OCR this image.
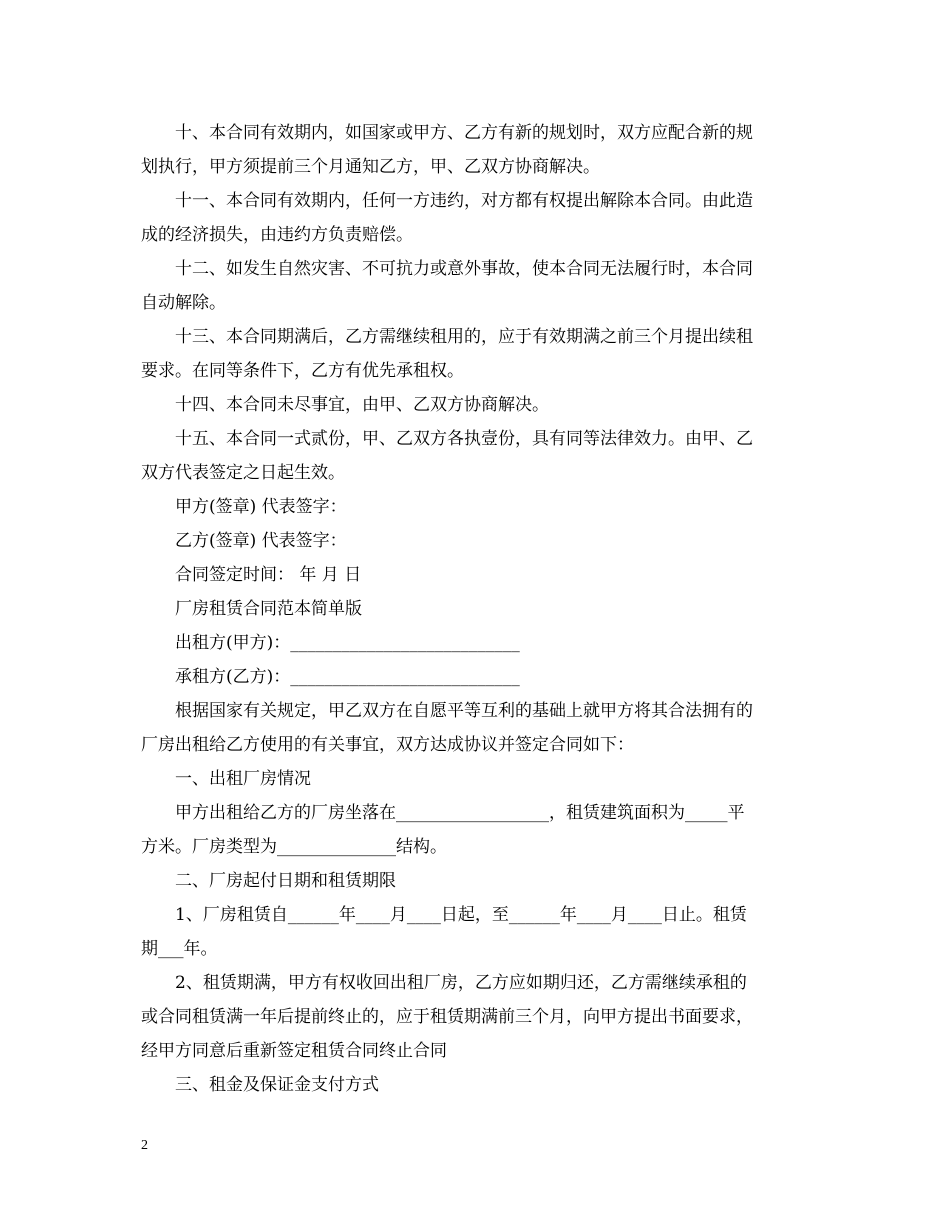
十、本合同有效期内，如国家或甲方、乙方有新的规划时，双方应配合新的规
划执行，甲方须提前三个月通知乙方，甲、乙双方协商解决。
十一、本合同有效期内，任何一方违约，对方都有权提出解除本合同。由此造
成的经济损失，由违约方负责赔偿。
十二、如发生自然灾害、不可抗力或意外事故，使本合同无法履行时，本合同
自动解除。
十三、本合同期满后，乙方需继续租用的，应于有效期满之前三个月提出续租
要求。在同等条件下，乙方有优先承租权。
十四、本合同未尽事宜，由甲、乙双方协商解决。
十五、本合同一式贰份，甲、乙双方各执壹份，具有同等法律效力。由甲、乙
双方代表签定之日起生效。
甲方(签章) 代表签字：
乙方(签章) 代表签字：
合同签定时间： 年 月 日
厂房租赁合同范本简单版
出租方(甲方)：___________________________
承租方(乙方)：___________________________
根据国家有关规定，甲乙双方在自愿平等互利的基础上就甲方将其合法拥有的
厂房出租给乙方使用的有关事宜，双方达成协议并签定合同如下：
一、出租厂房情况
甲方出租给乙方的厂房坐落在__________________，租赁建筑面积为_____平
方米。厂房类型为______________结构。
二、厂房起付日期和租赁期限
1、厂房租赁自______年____月____日起，至______年____月____日止。租赁
期___年。
2、租赁期满，甲方有权收回出租厂房，乙方应如期归还，乙方需继续承租的
或合同租赁满一年后提前终止的，应于租赁期满前三个月，向甲方提出书面要求，
经甲方同意后重新签定租赁合同终止合同
三、租金及保证金支付方式
2
